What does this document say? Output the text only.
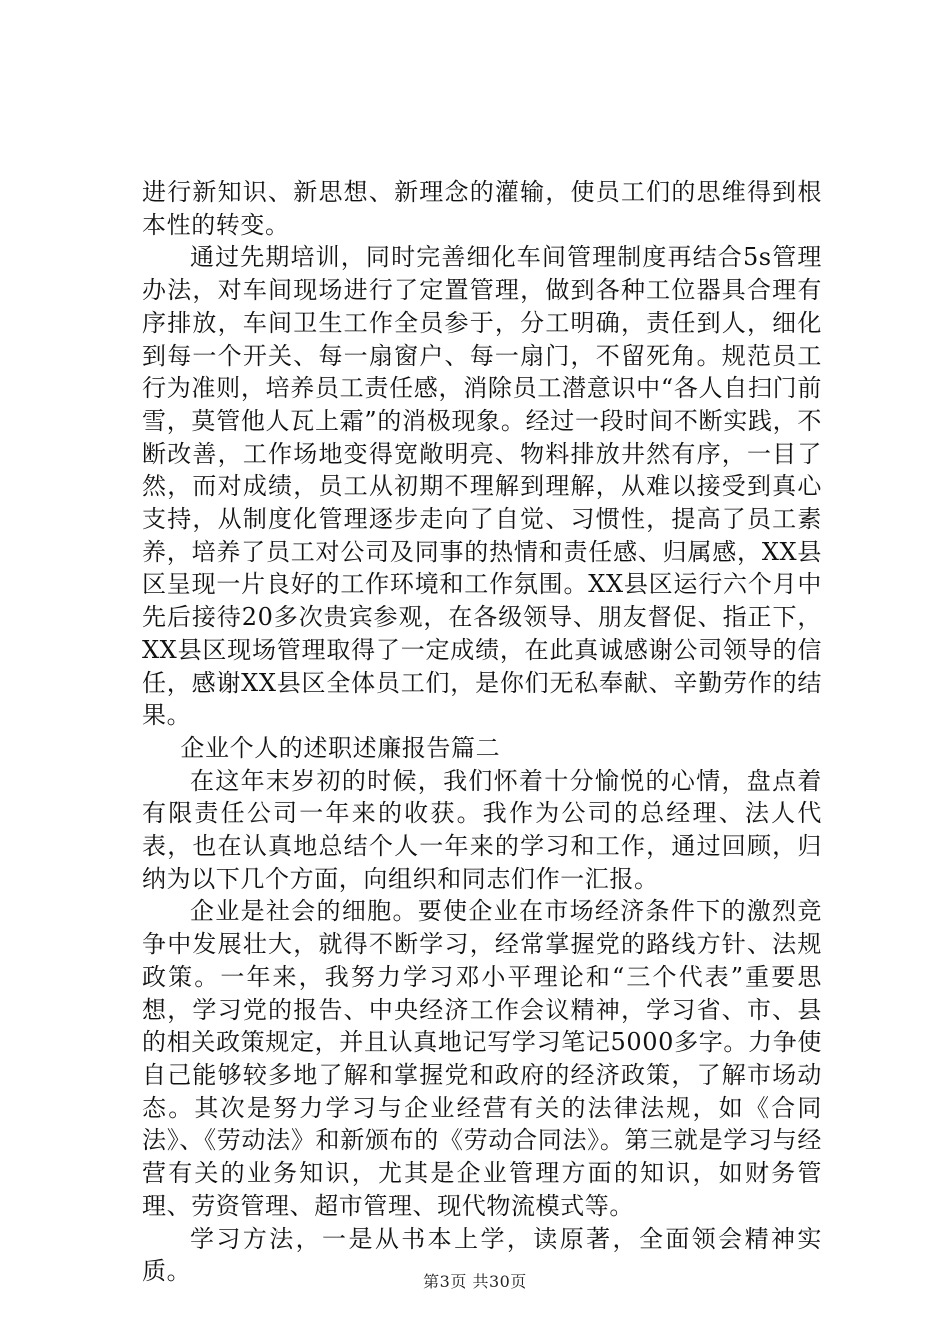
进行新知识、新思想、新理念的灌输，使员工们的思维得到根本性的转变。

通过先期培训，同时完善细化车间管理制度再结合5s管理办法，对车间现场进行了定置管理，做到各种工位器具合理有序排放，车间卫生工作全员参于，分工明确，责任到人，细化到每一个开关、每一扇窗户、每一扇门，不留死角。规范员工行为准则，培养员工责任感，消除员工潜意识中“各人自扫门前雪，莫管他人瓦上霜”的消极现象。经过一段时间不断实践，不断改善，工作场地变得宽敞明亮、物料排放井然有序，一目了然，而对成绩，员工从初期不理解到理解，从难以接受到真心支持，从制度化管理逐步走向了自觉、习惯性，提高了员工素养，培养了员工对公司及同事的热情和责任感、归属感，XX县区呈现一片良好的工作环境和工作氛围。XX县区运行六个月中先后接待20多次贵宾参观，在各级领导、朋友督促、指正下，XX县区现场管理取得了一定成绩，在此真诚感谢公司领导的信任，感谢XX县区全体员工们，是你们无私奉献、辛勤劳作的结果。

企业个人的述职述廉报告篇二

在这年末岁初的时候，我们怀着十分愉悦的心情，盘点着有限责任公司一年来的收获。我作为公司的总经理、法人代表，也在认真地总结个人一年来的学习和工作，通过回顾，归纳为以下几个方面，向组织和同志们作一汇报。

企业是社会的细胞。要使企业在市场经济条件下的激烈竞争中发展壮大，就得不断学习，经常掌握党的路线方针、法规政策。一年来，我努力学习邓小平理论和“三个代表”重要思想，学习党的报告、中央经济工作会议精神，学习省、市、县的相关政策规定，并且认真地记写学习笔记5000多字。力争使自己能够较多地了解和掌握党和政府的经济政策，了解市场动态。其次是努力学习与企业经营有关的法律法规，如《合同法》、《劳动法》和新颁布的《劳动合同法》。第三就是学习与经营有关的业务知识，尤其是企业管理方面的知识，如财务管理、劳资管理、超市管理、现代物流模式等。

学习方法，一是从书本上学，读原著，全面领会精神实质。	第3页 共30页
